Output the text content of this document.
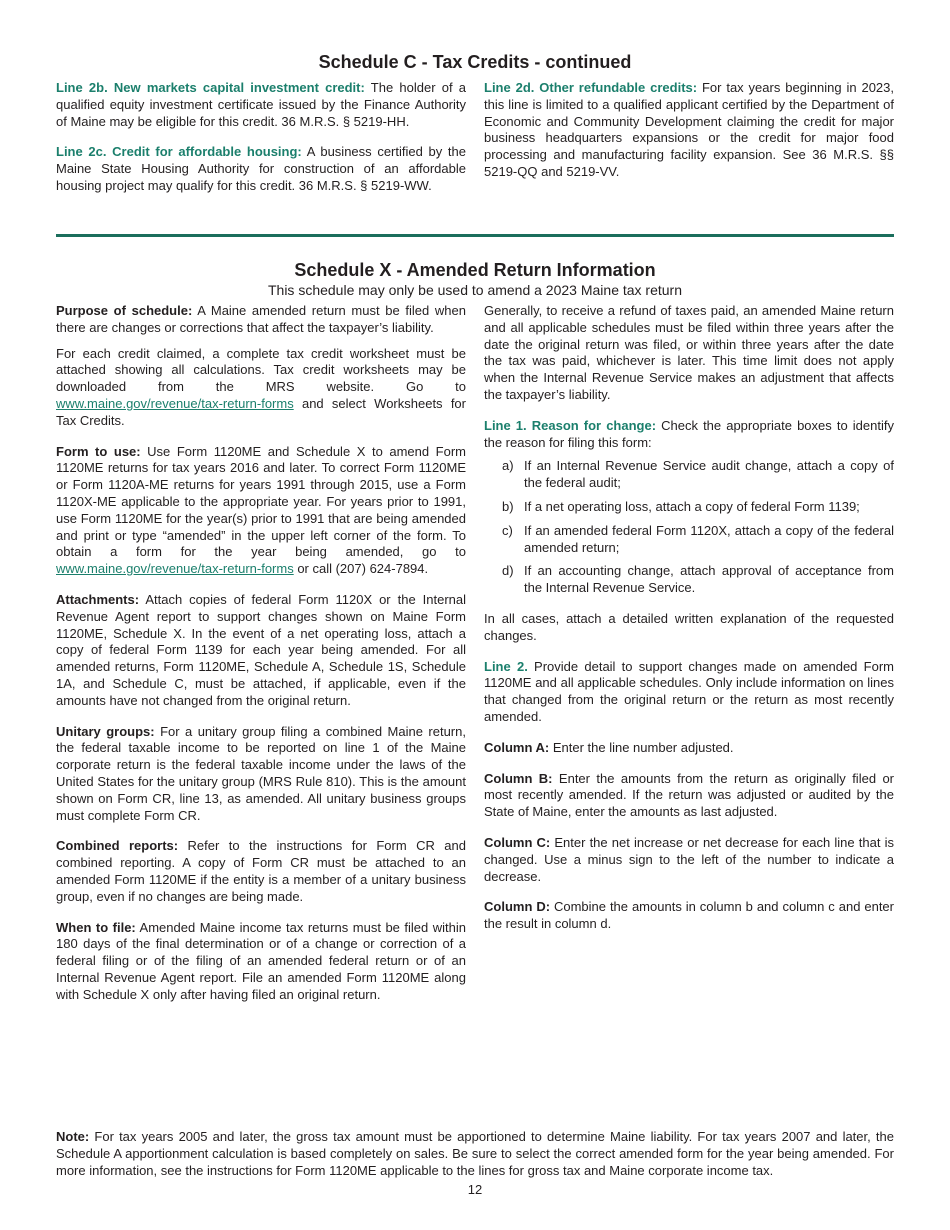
Schedule C - Tax Credits - continued

Line 2b. New markets capital investment credit: The holder of a qualified equity investment certificate issued by the Finance Authority of Maine may be eligible for this credit. 36 M.R.S. § 5219-HH.

Line 2c. Credit for affordable housing: A business certified by the Maine State Housing Authority for construction of an affordable housing project may qualify for this credit. 36 M.R.S. § 5219-WW.

Line 2d. Other refundable credits: For tax years beginning in 2023, this line is limited to a qualified applicant certified by the Department of Economic and Community Development claiming the credit for major business headquarters expansions or the credit for major food processing and manufacturing facility expansion. See 36 M.R.S. §§ 5219-QQ and 5219-VV.

Schedule X - Amended Return Information

This schedule may only be used to amend a 2023 Maine tax return

Purpose of schedule: A Maine amended return must be filed when there are changes or corrections that affect the taxpayer’s liability.

For each credit claimed, a complete tax credit worksheet must be attached showing all calculations. Tax credit worksheets may be downloaded from the MRS website. Go to www.maine.gov/revenue/tax-return-forms and select Worksheets for Tax Credits.

Form to use: Use Form 1120ME and Schedule X to amend Form 1120ME returns for tax years 2016 and later. To correct Form 1120ME or Form 1120A-ME returns for years 1991 through 2015, use a Form 1120X-ME applicable to the appropriate year. For years prior to 1991, use Form 1120ME for the year(s) prior to 1991 that are being amended and print or type “amended” in the upper left corner of the form. To obtain a form for the year being amended, go to www.maine.gov/revenue/tax-return-forms or call (207) 624-7894.

Attachments: Attach copies of federal Form 1120X or the Internal Revenue Agent report to support changes shown on Maine Form 1120ME, Schedule X. In the event of a net operating loss, attach a copy of federal Form 1139 for each year being amended. For all amended returns, Form 1120ME, Schedule A, Schedule 1S, Schedule 1A, and Schedule C, must be attached, if applicable, even if the amounts have not changed from the original return.

Unitary groups: For a unitary group filing a combined Maine return, the federal taxable income to be reported on line 1 of the Maine corporate return is the federal taxable income under the laws of the United States for the unitary group (MRS Rule 810). This is the amount shown on Form CR, line 13, as amended. All unitary business groups must complete Form CR.

Combined reports: Refer to the instructions for Form CR and combined reporting. A copy of Form CR must be attached to an amended Form 1120ME if the entity is a member of a unitary business group, even if no changes are being made.

When to file: Amended Maine income tax returns must be filed within 180 days of the final determination or of a change or correction of a federal filing or of the filing of an amended federal return or of an Internal Revenue Agent report. File an amended Form 1120ME along with Schedule X only after having filed an original return.

Generally, to receive a refund of taxes paid, an amended Maine return and all applicable schedules must be filed within three years after the date the original return was filed, or within three years after the date the tax was paid, whichever is later. This time limit does not apply when the Internal Revenue Service makes an adjustment that affects the taxpayer’s liability.

Line 1. Reason for change: Check the appropriate boxes to identify the reason for filing this form:

a) If an Internal Revenue Service audit change, attach a copy of the federal audit;
b) If a net operating loss, attach a copy of federal Form 1139;
c) If an amended federal Form 1120X, attach a copy of the federal amended return;
d) If an accounting change, attach approval of acceptance from the Internal Revenue Service.

In all cases, attach a detailed written explanation of the requested changes.

Line 2. Provide detail to support changes made on amended Form 1120ME and all applicable schedules. Only include information on lines that changed from the original return or the return as most recently amended.

Column A: Enter the line number adjusted.

Column B: Enter the amounts from the return as originally filed or most recently amended. If the return was adjusted or audited by the State of Maine, enter the amounts as last adjusted.

Column C: Enter the net increase or net decrease for each line that is changed. Use a minus sign to the left of the number to indicate a decrease.

Column D: Combine the amounts in column b and column c and enter the result in column d.

Note: For tax years 2005 and later, the gross tax amount must be apportioned to determine Maine liability. For tax years 2007 and later, the Schedule A apportionment calculation is based completely on sales. Be sure to select the correct amended form for the year being amended. For more information, see the instructions for Form 1120ME applicable to the lines for gross tax and Maine corporate income tax.

12
